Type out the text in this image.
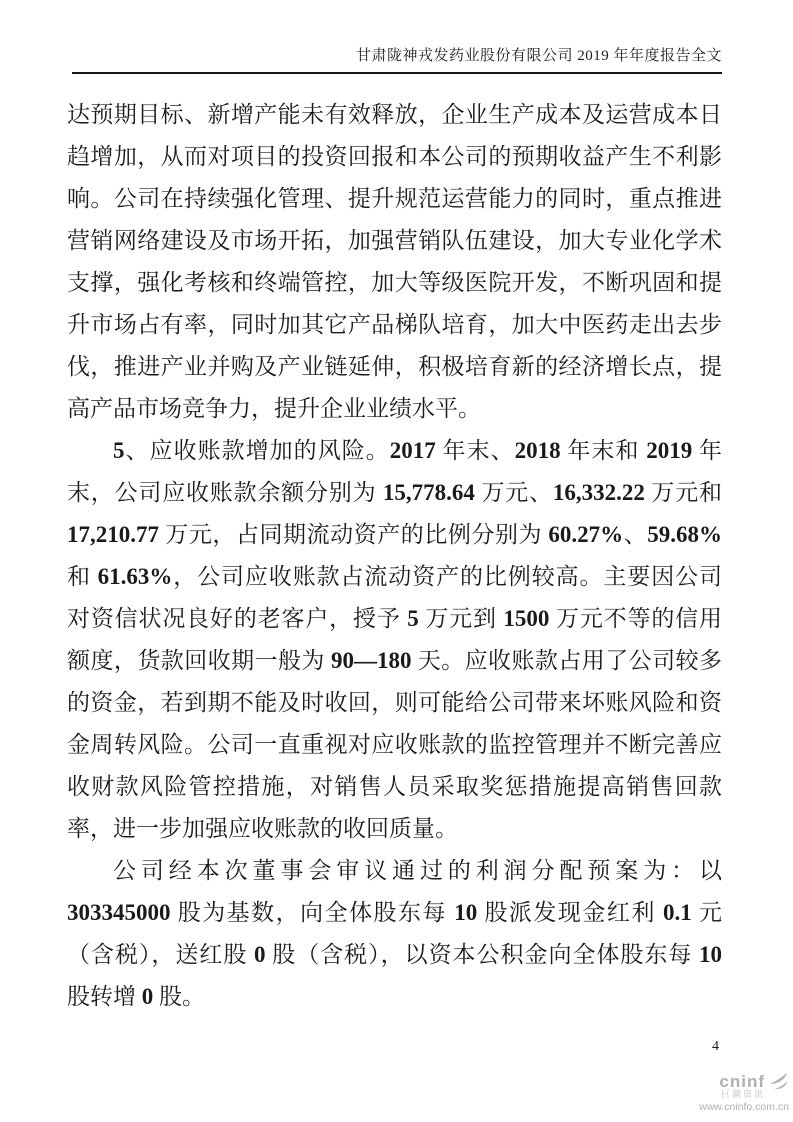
甘肃陇神戎发药业股份有限公司 2019 年年度报告全文

达预期目标、新增产能未有效释放，企业生产成本及运营成本日趋增加，从而对项目的投资回报和本公司的预期收益产生不利影响。公司在持续强化管理、提升规范运营能力的同时，重点推进营销网络建设及市场开拓，加强营销队伍建设，加大专业化学术支撑，强化考核和终端管控，加大等级医院开发，不断巩固和提升市场占有率，同时加其它产品梯队培育，加大中医药走出去步伐，推进产业并购及产业链延伸，积极培育新的经济增长点，提高产品市场竞争力，提升企业业绩水平。

5、应收账款增加的风险。2017 年末、2018 年末和 2019 年末，公司应收账款余额分别为 15,778.64 万元、16,332.22 万元和 17,210.77 万元，占同期流动资产的比例分别为 60.27%、59.68%和 61.63%，公司应收账款占流动资产的比例较高。主要因公司对资信状况良好的老客户，授予 5 万元到 1500 万元不等的信用额度，货款回收期一般为 90—180 天。应收账款占用了公司较多的资金，若到期不能及时收回，则可能给公司带来坏账风险和资金周转风险。公司一直重视对应收账款的监控管理并不断完善应收财款风险管控措施，对销售人员采取奖惩措施提高销售回款率，进一步加强应收账款的收回质量。

公司经本次董事会审议通过的利润分配预案为：以 303345000 股为基数，向全体股东每 10 股派发现金红利 0.1 元（含税），送红股 0 股（含税），以资本公积金向全体股东每 10 股转增 0 股。

4
cninf
巨潮资讯
www.cninfo.com.cn
